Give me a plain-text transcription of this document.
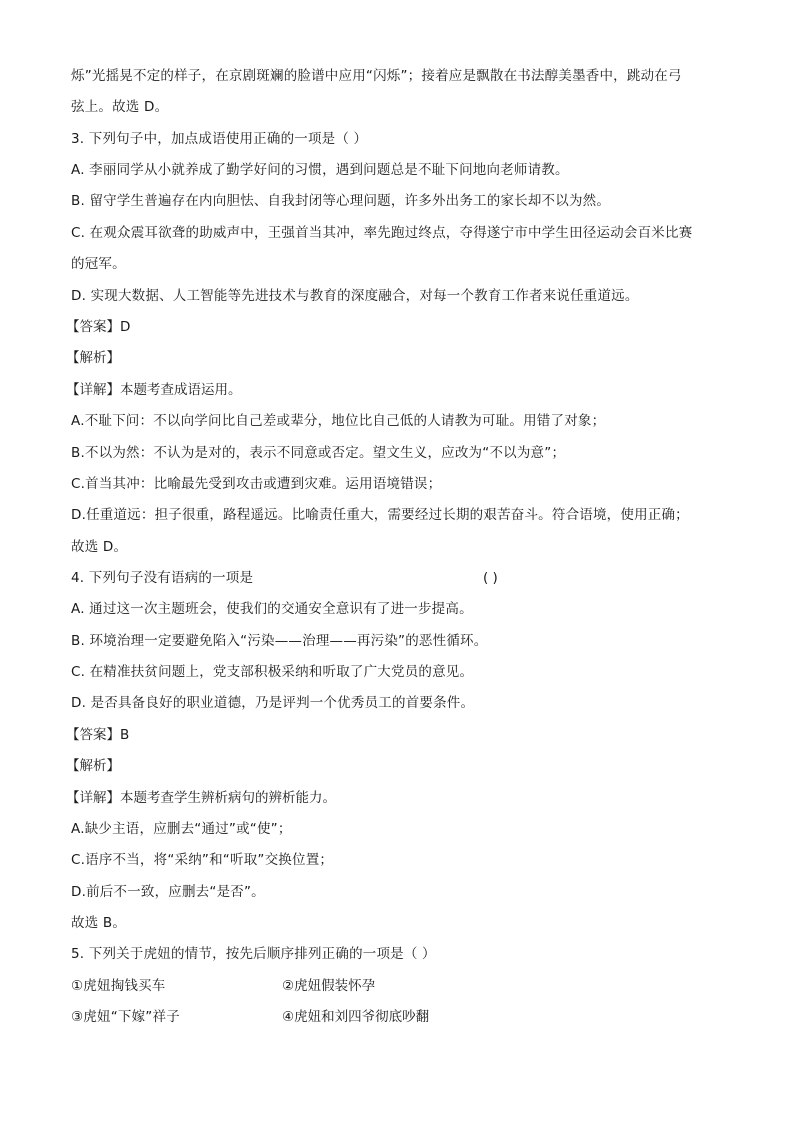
烁”光摇晃不定的样子，在京剧斑斓的脸谱中应用“闪烁”；接着应是飘散在书法醇美墨香中，跳动在弓
弦上。故选 D。
3. 下列句子中，加点成语使用正确的一项是（ ）
A. 李丽同学从小就养成了勤学好问的习惯，遇到问题总是不耻下问地向老师请教。
B. 留守学生普遍存在内向胆怯、自我封闭等心理问题，许多外出务工的家长却不以为然。
C. 在观众震耳欲聋的助威声中，王强首当其冲，率先跑过终点，夺得遂宁市中学生田径运动会百米比赛
的冠军。
D. 实现大数据、人工智能等先进技术与教育的深度融合，对每一个教育工作者来说任重道远。
【答案】D
【解析】
【详解】本题考查成语运用。
A.不耻下问：不以向学问比自己差或辈分，地位比自己低的人请教为可耻。用错了对象；
B.不以为然：不认为是对的，表示不同意或否定。望文生义，应改为“不以为意”；
C.首当其冲：比喻最先受到攻击或遭到灾难。运用语境错误；
D.任重道远：担子很重，路程遥远。比喻责任重大，需要经过长期的艰苦奋斗。符合语境，使用正确；
故选 D。
4. 下列句子没有语病的一项是	( )
A. 通过这一次主题班会，使我们的交通安全意识有了进一步提高。
B. 环境治理一定要避免陷入“污染——治理——再污染”的恶性循环。
C. 在精准扶贫问题上，党支部积极采纳和听取了广大党员的意见。
D. 是否具备良好的职业道德，乃是评判一个优秀员工的首要条件。
【答案】B
【解析】
【详解】本题考查学生辨析病句的辨析能力。
A.缺少主语，应删去“通过”或“使”；
C.语序不当，将“采纳”和“听取”交换位置；
D.前后不一致，应删去“是否”。
故选 B。
5. 下列关于虎妞的情节，按先后顺序排列正确的一项是（ ）
①虎妞掏钱买车	②虎妞假装怀孕
③虎妞“下嫁”祥子	④虎妞和刘四爷彻底吵翻
